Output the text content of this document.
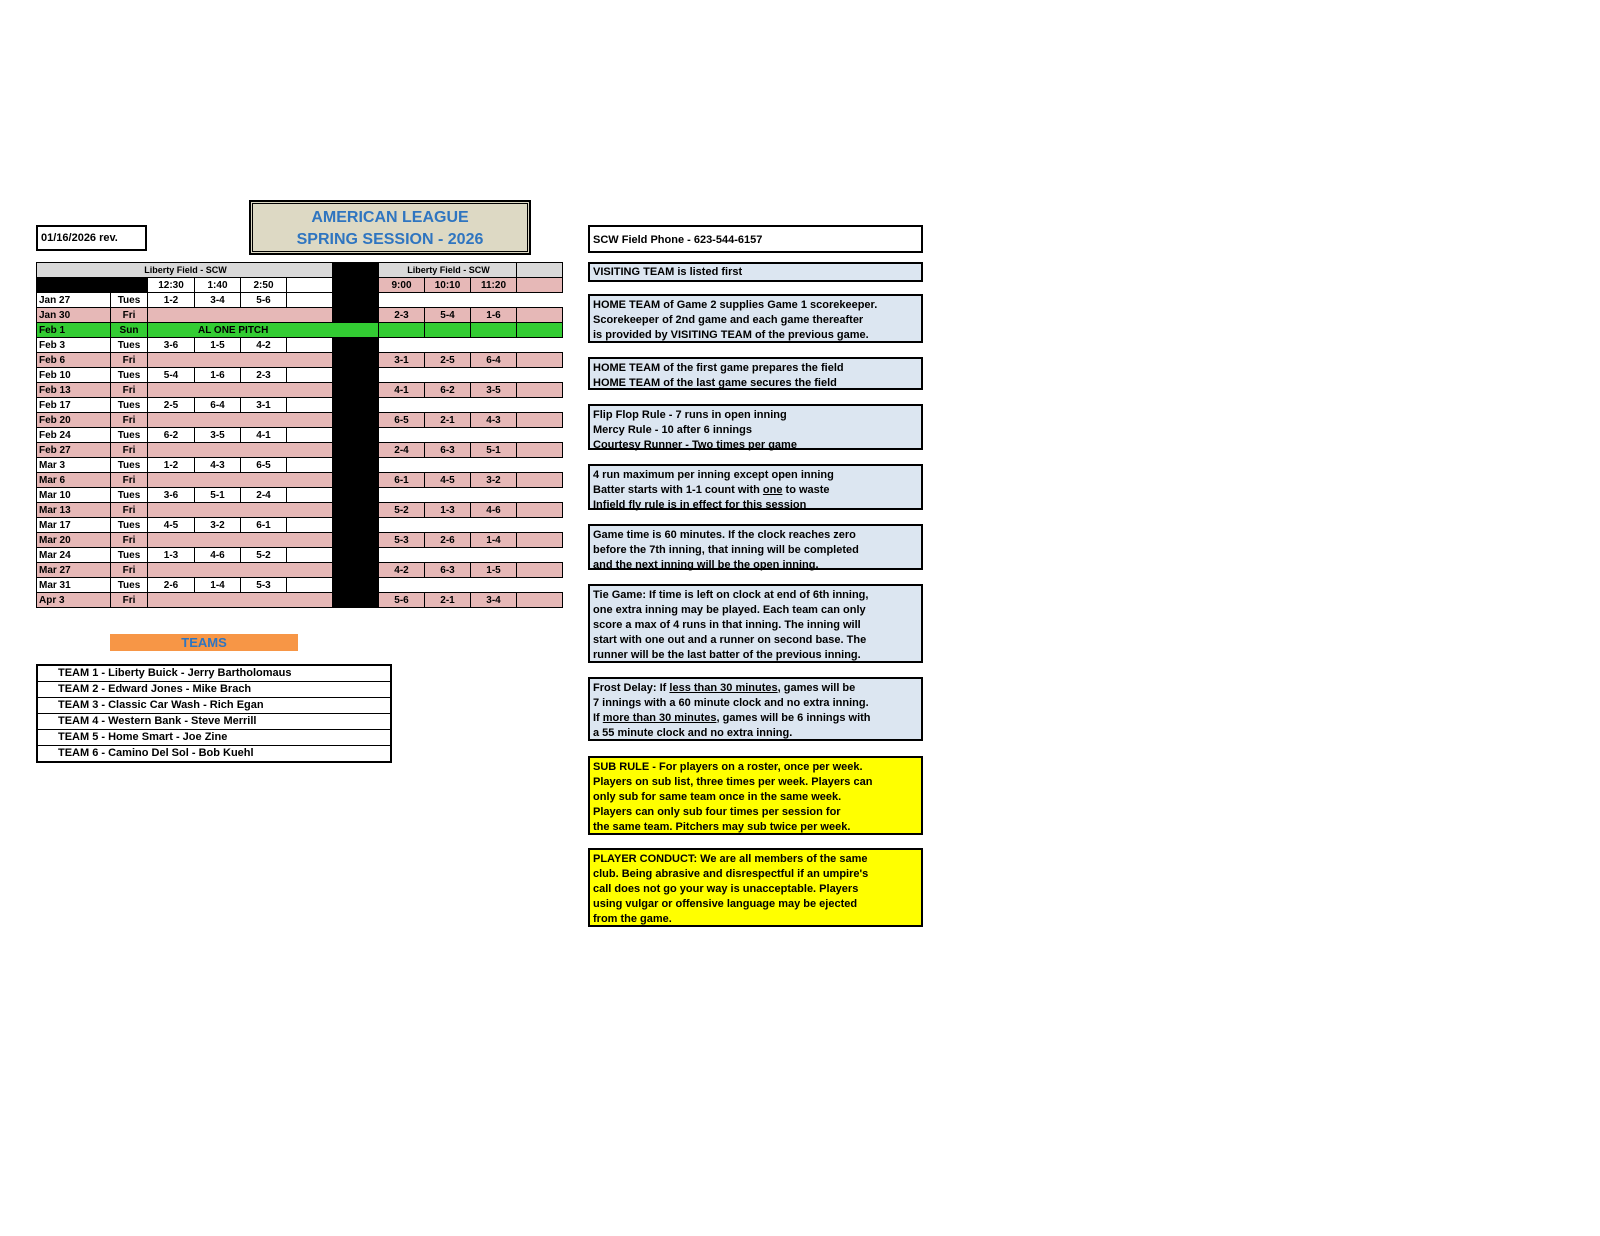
01/16/2026 rev.
AMERICAN LEAGUE
SPRING SESSION - 2026	SCW Field Phone - 623-544-6157
Liberty Field - SCW							Liberty Field - SCW			
		12:30	1:40	2:50			9:00	10:10	11:20	
Jan 27	Tues	1-2	3-4	5-6						
Jan 30	Fri						2-3	5-4	1-6	
Feb 1	Sun	AL ONE PITCH								
Feb 3	Tues	3-6	1-5	4-2						
Feb 6	Fri						3-1	2-5	6-4	
Feb 10	Tues	5-4	1-6	2-3						
Feb 13	Fri						4-1	6-2	3-5	
Feb 17	Tues	2-5	6-4	3-1						
Feb 20	Fri						6-5	2-1	4-3	
Feb 24	Tues	6-2	3-5	4-1						
Feb 27	Fri						2-4	6-3	5-1	
Mar 3	Tues	1-2	4-3	6-5						
Mar 6	Fri						6-1	4-5	3-2	
Mar 10	Tues	3-6	5-1	2-4						
Mar 13	Fri						5-2	1-3	4-6	
Mar 17	Tues	4-5	3-2	6-1						
Mar 20	Fri						5-3	2-6	1-4	
Mar 24	Tues	1-3	4-6	5-2						
Mar 27	Fri						4-2	6-3	1-5	
Mar 31	Tues	2-6	1-4	5-3						
Apr 3	Fri						5-6	2-1	3-4	
TEAMS
TEAM 1 - Liberty Buick - Jerry Bartholomaus
TEAM 2 - Edward Jones - Mike Brach
TEAM 3 - Classic Car Wash - Rich Egan
TEAM 4 - Western Bank - Steve Merrill
TEAM 5 - Home Smart - Joe Zine
TEAM 6 - Camino Del Sol - Bob Kuehl

VISITING TEAM is listed first

HOME TEAM of Game 2 supplies Game 1 scorekeeper.

Scorekeeper of 2nd game and each game thereafter

is provided by VISITING TEAM of the previous game.

HOME TEAM of the first game prepares the field

HOME TEAM of the last game secures the field

Flip Flop Rule - 7 runs in open inning

Mercy Rule - 10 after 6 innings

Courtesy Runner - Two times per game

4 run maximum per inning except open inning

Batter starts with 1-1 count with one to waste

Infield fly rule is in effect for this session

Game time is 60 minutes. If the clock reaches zero

before the 7th inning, that inning will be completed

and the next inning will be the open inning.

Tie Game: If time is left on clock at end of 6th inning,

one extra inning may be played. Each team can only

score a max of 4 runs in that inning. The inning will

start with one out and a runner on second base. The

runner will be the last batter of the previous inning.

Frost Delay: If less than 30 minutes, games will be

7 innings with a 60 minute clock and no extra inning.

If more than 30 minutes, games will be 6 innings with

a 55 minute clock and no extra inning.

SUB RULE - For players on a roster, once per week.

Players on sub list, three times per week. Players can

only sub for same team once in the same week.

Players can only sub four times per session for

the same team. Pitchers may sub twice per week.

PLAYER CONDUCT: We are all members of the same

club. Being abrasive and disrespectful if an umpire's

call does not go your way is unacceptable. Players

using vulgar or offensive language may be ejected

from the game.
